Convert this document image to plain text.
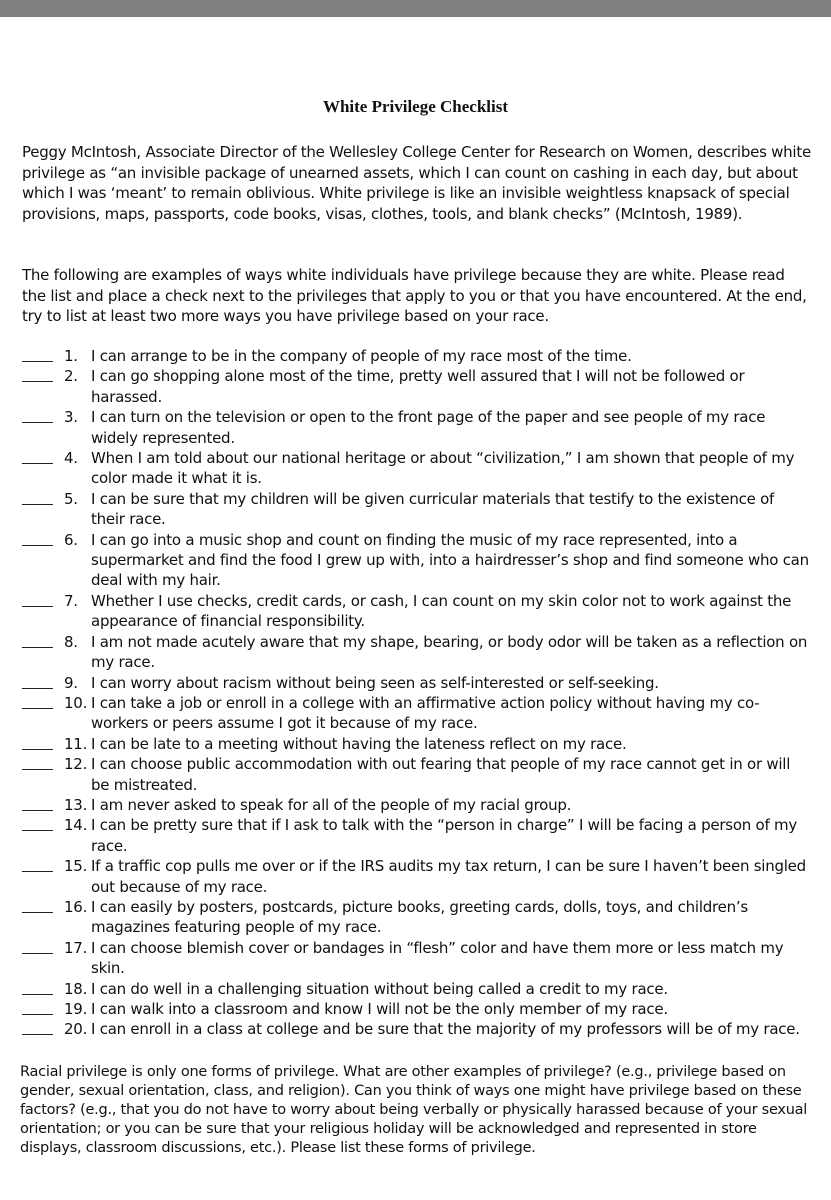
White Privilege Checklist

Peggy McIntosh, Associate Director of the Wellesley College Center for Research on Women, describes white privilege as “an invisible package of unearned assets, which I can count on cashing in each day, but about which I was ‘meant’ to remain oblivious. White privilege is like an invisible weightless knapsack of special provisions, maps, passports, code books, visas, clothes, tools, and blank checks” (McIntosh, 1989).

The following are examples of ways white individuals have privilege because they are white. Please read the list and place a check next to the privileges that apply to you or that you have encountered. At the end, try to list at least two more ways you have privilege based on your race.

1. I can arrange to be in the company of people of my race most of the time.
2. I can go shopping alone most of the time, pretty well assured that I will not be followed or harassed.
3. I can turn on the television or open to the front page of the paper and see people of my race widely represented.
4. When I am told about our national heritage or about “civilization,” I am shown that people of my color made it what it is.
5. I can be sure that my children will be given curricular materials that testify to the existence of their race.
6. I can go into a music shop and count on finding the music of my race represented, into a supermarket and find the food I grew up with, into a hairdresser’s shop and find someone who can deal with my hair.
7. Whether I use checks, credit cards, or cash, I can count on my skin color not to work against the appearance of financial responsibility.
8. I am not made acutely aware that my shape, bearing, or body odor will be taken as a reflection on my race.
9. I can worry about racism without being seen as self-interested or self-seeking.
10. I can take a job or enroll in a college with an affirmative action policy without having my co-workers or peers assume I got it because of my race.
11. I can be late to a meeting without having the lateness reflect on my race.
12. I can choose public accommodation with out fearing that people of my race cannot get in or will be mistreated.
13. I am never asked to speak for all of the people of my racial group.
14. I can be pretty sure that if I ask to talk with the “person in charge” I will be facing a person of my race.
15. If a traffic cop pulls me over or if the IRS audits my tax return, I can be sure I haven’t been singled out because of my race.
16. I can easily by posters, postcards, picture books, greeting cards, dolls, toys, and children’s magazines featuring people of my race.
17. I can choose blemish cover or bandages in “flesh” color and have them more or less match my skin.
18. I can do well in a challenging situation without being called a credit to my race.
19. I can walk into a classroom and know I will not be the only member of my race.
20. I can enroll in a class at college and be sure that the majority of my professors will be of my race.

Racial privilege is only one forms of privilege. What are other examples of privilege? (e.g., privilege based on gender, sexual orientation, class, and religion). Can you think of ways one might have privilege based on these factors? (e.g., that you do not have to worry about being verbally or physically harassed because of your sexual orientation; or you can be sure that your religious holiday will be acknowledged and represented in store displays, classroom discussions, etc.). Please list these forms of privilege.
